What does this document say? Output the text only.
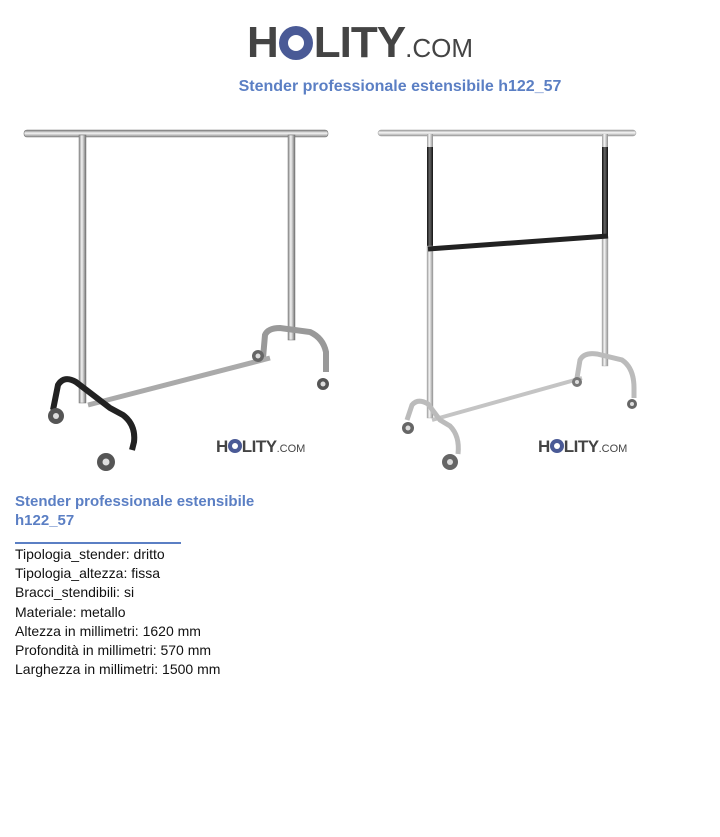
H LITY.COM
Stender professionale estensibile h122_57
H LITY.COM	H LITY.COM
Stender professionale estensibile
h122_57
Tipologia_stender: dritto
Tipologia_altezza: fissa
Bracci_stendibili: si
Materiale: metallo
Altezza in millimetri: 1620 mm
Profondità in millimetri: 570 mm
Larghezza in millimetri: 1500 mm
